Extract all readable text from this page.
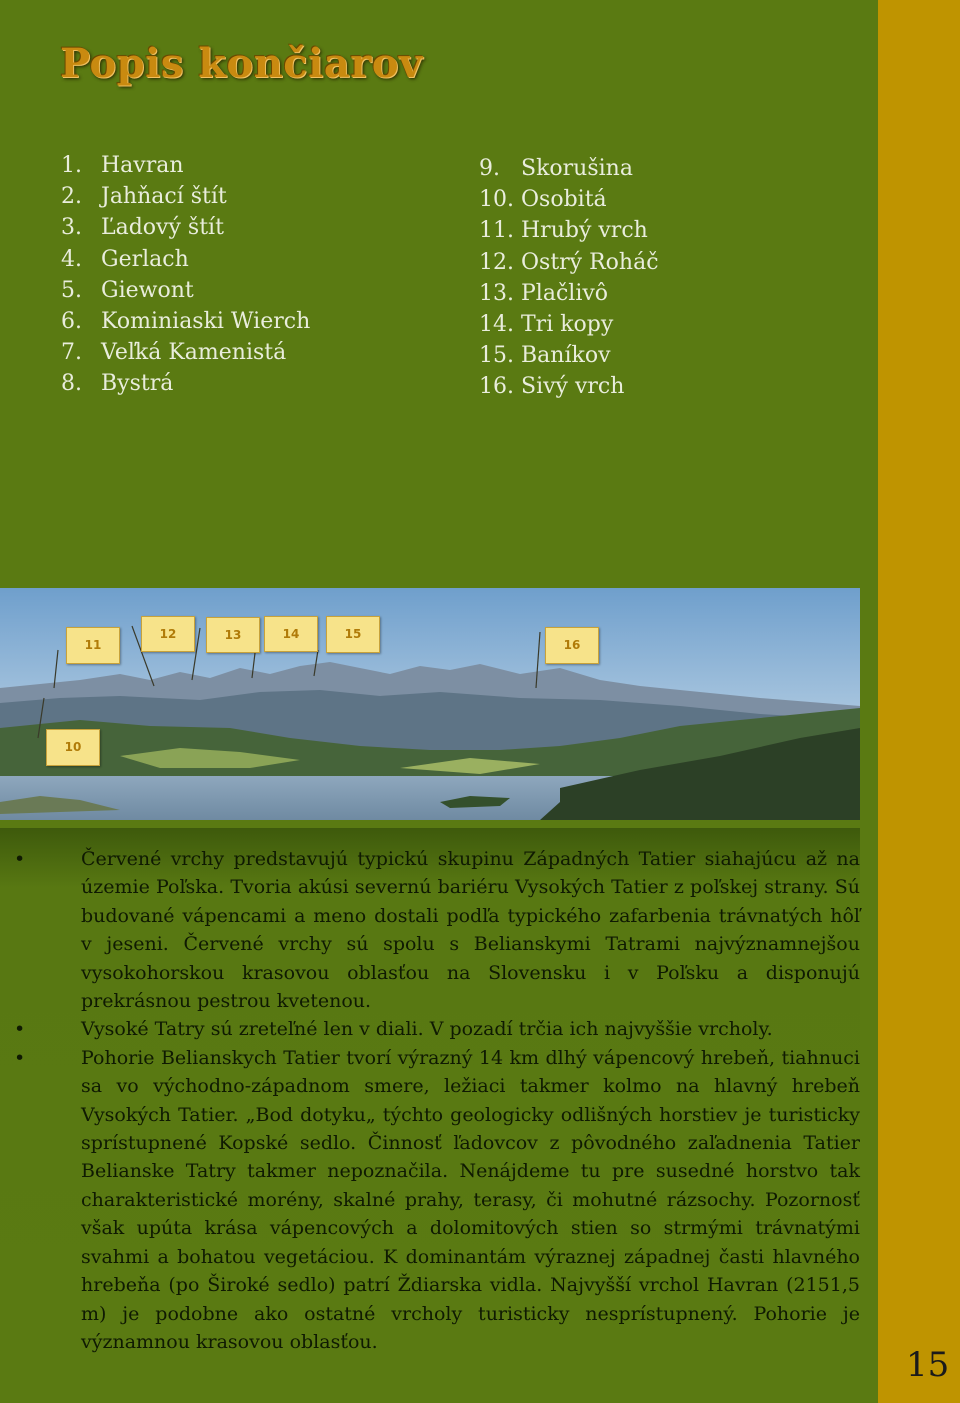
Popis končiarov
1. Havran
2. Jahňací štít
3. Ľadový štít
4. Gerlach
5. Giewont
6. Kominiaski Wierch
7. Veľká Kamenistá
8. Bystrá
9. Skorušina
10. Osobitá
11. Hrubý vrch
12. Ostrý Roháč
13. Plačlivô
14. Tri kopy
15. Baníkov
16. Sivý vrch
11
12	13	14	15
16
10
• Červené vrchy predstavujú typickú skupinu Západných Tatier siahajúcu až na územie Poľska. Tvoria akúsi severnú bariéru Vysokých Tatier z poľskej strany. Sú budované vápencami a meno dostali podľa typického zafarbenia trávnatých hôľ v jeseni. Červené vrchy sú spolu s Belianskymi Tatrami najvýznamnejšou vysokohorskou krasovou oblasťou na Slovensku i v Poľsku a disponujú prekrásnou pestrou kvetenou.
• Vysoké Tatry sú zreteľné len v diali. V pozadí trčia ich najvyššie vrcholy.
• Pohorie Belianskych Tatier tvorí výrazný 14 km dlhý vápencový hrebeň, tiahnuci sa vo východno-západnom smere, ležiaci takmer kolmo na hlavný hrebeň Vysokých Tatier. „Bod dotyku„ týchto geologicky odlišných horstiev je turisticky sprístupnené Kopské sedlo. Činnosť ľadovcov z pôvodného zaľadnenia Tatier Belianske Tatry takmer nepoznačila. Nenájdeme tu pre susedné horstvo tak charakteristické morény, skalné prahy, terasy, či mohutné rázsochy. Pozornosť však upúta krása vápencových a dolomitových stien so strmými trávnatými svahmi a bohatou vegetáciou. K dominantám výraznej západnej časti hlavného hrebeňa (po Široké sedlo) patrí Ždiarska vidla. Najvyšší vrchol Havran (2151,5 m) je podobne ako ostatné vrcholy turisticky nesprístupnený. Pohorie je významnou krasovou oblasťou.
15
